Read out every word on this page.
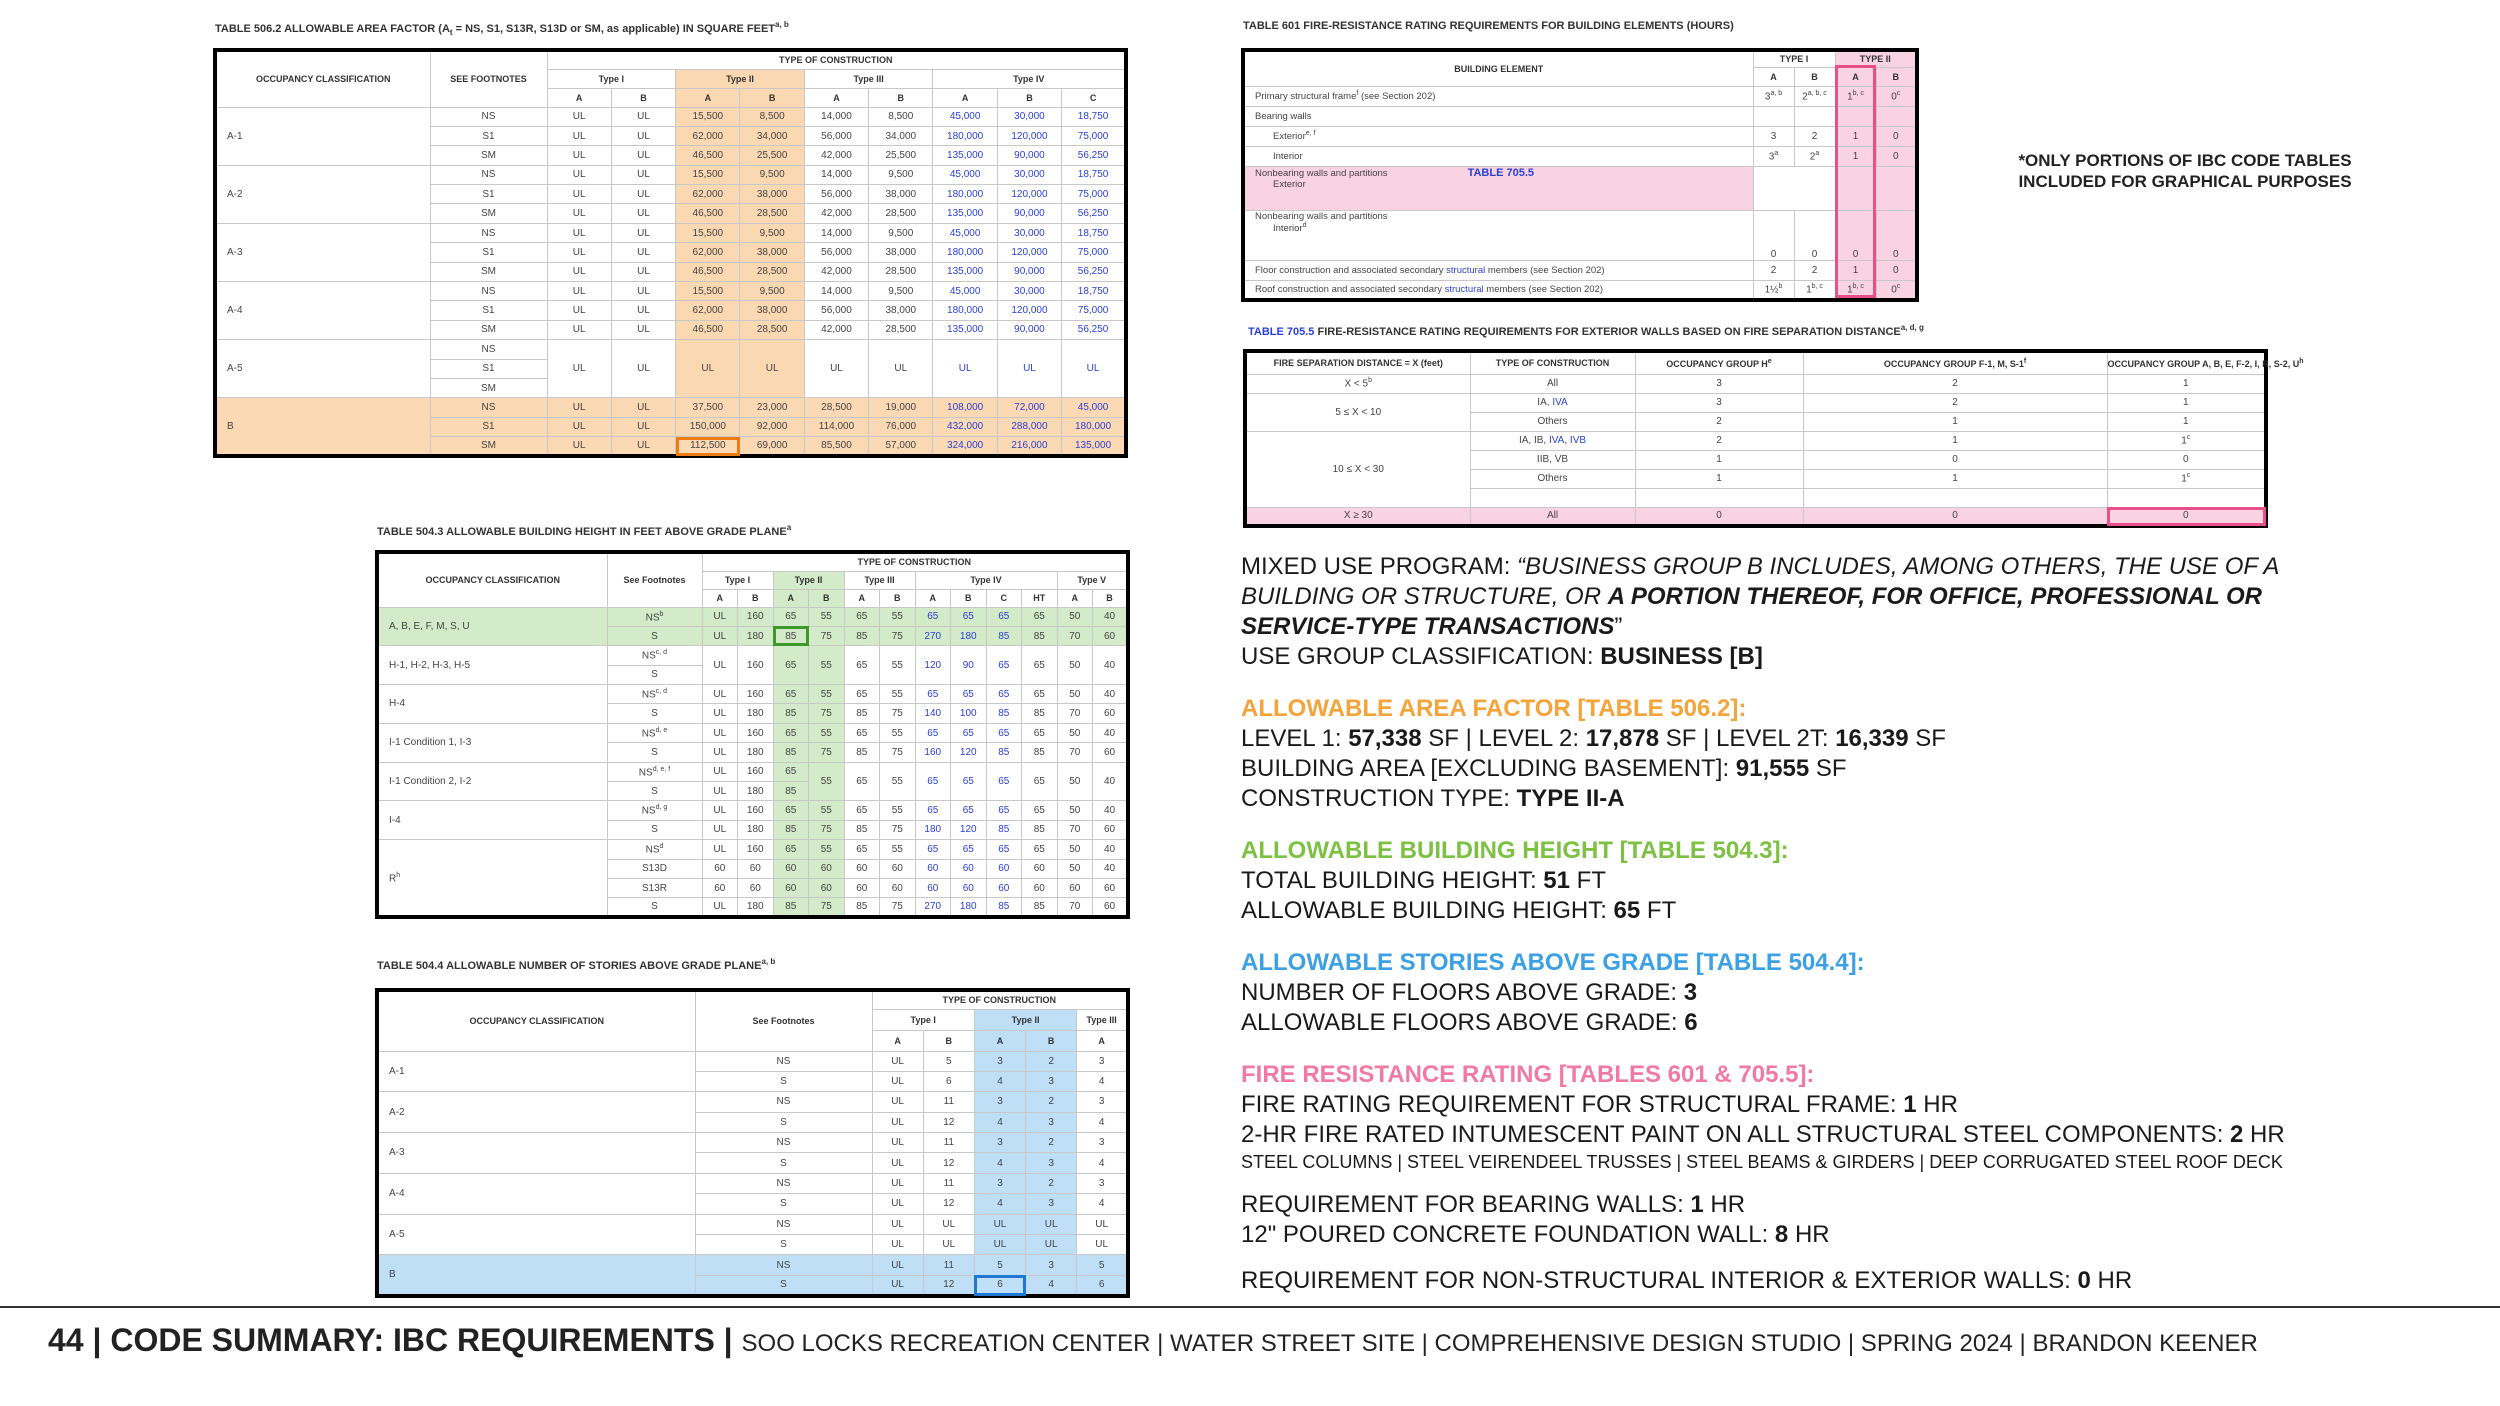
TABLE 506.2 ALLOWABLE AREA FACTOR ($A_t$ = NS, S1, S13R, S13D or SM, as applicable) IN SQUARE FEET$^{a, b}$
OCCUPANCY CLASSIFICATION	SEE FOOTNOTES	TYPE OF CONSTRUCTION								
		Type I		Type II		Type III		Type IV		
		A	B	A	B	A	B	A	B	C
A-1	NS	UL	UL	15,500	8,500	14,000	8,500	45,000	30,000	18,750
	S1	UL	UL	62,000	34,000	56,000	34,000	180,000	120,000	75,000
	SM	UL	UL	46,500	25,500	42,000	25,500	135,000	90,000	56,250
A-2	NS	UL	UL	15,500	9,500	14,000	9,500	45,000	30,000	18,750
	S1	UL	UL	62,000	38,000	56,000	38,000	180,000	120,000	75,000
	SM	UL	UL	46,500	28,500	42,000	28,500	135,000	90,000	56,250
A-3	NS	UL	UL	15,500	9,500	14,000	9,500	45,000	30,000	18,750
	S1	UL	UL	62,000	38,000	56,000	38,000	180,000	120,000	75,000
	SM	UL	UL	46,500	28,500	42,000	28,500	135,000	90,000	56,250
A-4	NS	UL	UL	15,500	9,500	14,000	9,500	45,000	30,000	18,750
	S1	UL	UL	62,000	38,000	56,000	38,000	180,000	120,000	75,000
	SM	UL	UL	46,500	28,500	42,000	28,500	135,000	90,000	56,250
A-5	NS	UL	UL	UL	UL	UL	UL	UL	UL	UL
	S1									
	SM									
B	NS	UL	UL	37,500	23,000	28,500	19,000	108,000	72,000	45,000
	S1	UL	UL	150,000	92,000	114,000	76,000	432,000	288,000	180,000
	SM	UL	UL	112,500	69,000	85,500	57,000	324,000	216,000	135,000
TABLE 504.3 ALLOWABLE BUILDING HEIGHT IN FEET ABOVE GRADE PLANE$^a$
OCCUPANCY CLASSIFICATION	See Footnotes	TYPE OF CONSTRUCTION											
		Type I		Type II		Type III		Type IV				Type V	
		A	B	A	B	A	B	A	B	C	HT	A	B
A, B, E, F, M, S, U	$NS^b$	UL	160	65	55	65	55	65	65	65	65	50	40
	S	UL	180	85	75	85	75	270	180	85	85	70	60
H-1, H-2, H-3, H-5	NS$^{c, d}$	UL	160	65	55	65	55	120	90	65	65	50	40
	S												
H-4	NS$^{c, d}$	UL	160	65	55	65	55	65	65	65	65	50	40
	S	UL	180	85	75	85	75	140	100	85	85	70	60
I-1 Condition 1, I-3	NS$^{d, e}$	UL	160	65	55	65	55	65	65	65	65	50	40
	S	UL	180	85	75	85	75	160	120	85	85	70	60
I-1 Condition 2, I-2	NS$^{d, e, f}$	UL	160	65	55	65	55	65	65	65	65	50	40
	S	UL	180	85									
I-4	NS$^{d, g}$	UL	160	65	55	65	55	65	65	65	65	50	40
	S	UL	180	85	75	85	75	180	120	85	85	70	60
$R^h$	$NS^d$	UL	160	65	55	65	55	65	65	65	65	50	40
	S13D	60	60	60	60	60	60	60	60	60	60	50	40
	S13R	60	60	60	60	60	60	60	60	60	60	60	60
	S	UL	180	85	75	85	75	270	180	85	85	70	60
TABLE 504.4 ALLOWABLE NUMBER OF STORIES ABOVE GRADE PLANE$^{a, b}$
OCCUPANCY CLASSIFICATION	See Footnotes	TYPE OF CONSTRUCTION				
		Type I		Type II		Type III
		A	B	A	B	A
A-1	NS	UL	5	3	2	3
	S	UL	6	4	3	4
A-2	NS	UL	11	3	2	3
	S	UL	12	4	3	4
A-3	NS	UL	11	3	2	3
	S	UL	12	4	3	4
A-4	NS	UL	11	3	2	3
	S	UL	12	4	3	4
A-5	NS	UL	UL	UL	UL	UL
	S	UL	UL	UL	UL	UL
B	NS	UL	11	5	3	5
	S	UL	12	6	4	6
TABLE 601 FIRE-RESISTANCE RATING REQUIREMENTS FOR BUILDING ELEMENTS (HOURS)
BUILDING ELEMENT	TYPE I		TYPE II	
	A	B	A	B
Primary structural frame$^f$ (see Section 202)	3$^{a, b}$	2$^{a, b, c}$	1$^{b, c}$	0$^c$
Bearing walls				
Exterior$^{e, f}$	3	2	1	0
Interior	3$^a$	2$^a$	1	0
Nonbearing walls and partitions TABLE 705.5
Exterior				

Nonbearing walls and partitions
Interior$^d$	0	0	0	0
Floor construction and associated secondary structural members (see Section 202)	2	2	1	0
Roof construction and associated secondary structural members (see Section 202)	1½$^b$	1$^{b, c}$	1$^{b, c}$	0$^c$
TABLE 705.5 FIRE-RESISTANCE RATING REQUIREMENTS FOR EXTERIOR WALLS BASED ON FIRE SEPARATION DISTANCE$^{a, d, g}$
FIRE SEPARATION DISTANCE = X (feet)	TYPE OF CONSTRUCTION	OCCUPANCY GROUP $H^e$	OCCUPANCY GROUP F-1, M, S-1$^f$	OCCUPANCY GROUP A, B, E, F-2, I, R, S-2, $U^h$
$X < 5^b$	All	3	2	1
5 ≤ X < 10	IA, IVA	3	2	1
	Others	2	1	1
10 ≤ X < 30	IA, IB, IVA, IVB	2	1	1$^c$
	IIB, VB	1	0	0
	Others	1	1	1$^c$

X ≥ 30	All	0	0	0
*ONLY PORTIONS OF IBC CODE TABLES
INCLUDED FOR GRAPHICAL PURPOSES

MIXED USE PROGRAM: “BUSINESS GROUP B INCLUDES, AMONG OTHERS, THE USE OF A BUILDING OR STRUCTURE, OR A PORTION THEREOF, FOR OFFICE, PROFESSIONAL OR SERVICE-TYPE TRANSACTIONS”

USE GROUP CLASSIFICATION: BUSINESS [B]

ALLOWABLE AREA FACTOR [TABLE 506.2]:

LEVEL 1: 57,338 SF | LEVEL 2: 17,878 SF | LEVEL 2T: 16,339 SF

BUILDING AREA [EXCLUDING BASEMENT]: 91,555 SF

CONSTRUCTION TYPE: TYPE II-A

ALLOWABLE BUILDING HEIGHT [TABLE 504.3]:

TOTAL BUILDING HEIGHT: 51 FT

ALLOWABLE BUILDING HEIGHT: 65 FT

ALLOWABLE STORIES ABOVE GRADE [TABLE 504.4]:

NUMBER OF FLOORS ABOVE GRADE: 3

ALLOWABLE FLOORS ABOVE GRADE: 6

FIRE RESISTANCE RATING [TABLES 601 & 705.5]:

FIRE RATING REQUIREMENT FOR STRUCTURAL FRAME: 1 HR

2-HR FIRE RATED INTUMESCENT PAINT ON ALL STRUCTURAL STEEL COMPONENTS: 2 HR

STEEL COLUMNS | STEEL VEIRENDEEL TRUSSES | STEEL BEAMS & GIRDERS | DEEP CORRUGATED STEEL ROOF DECK

REQUIREMENT FOR BEARING WALLS: 1 HR

12" POURED CONCRETE FOUNDATION WALL: 8 HR

REQUIREMENT FOR NON-STRUCTURAL INTERIOR & EXTERIOR WALLS: 0 HR

44 | CODE SUMMARY: IBC REQUIREMENTS | SOO LOCKS RECREATION CENTER | WATER STREET SITE | COMPREHENSIVE DESIGN STUDIO | SPRING 2024 | BRANDON KEENER
